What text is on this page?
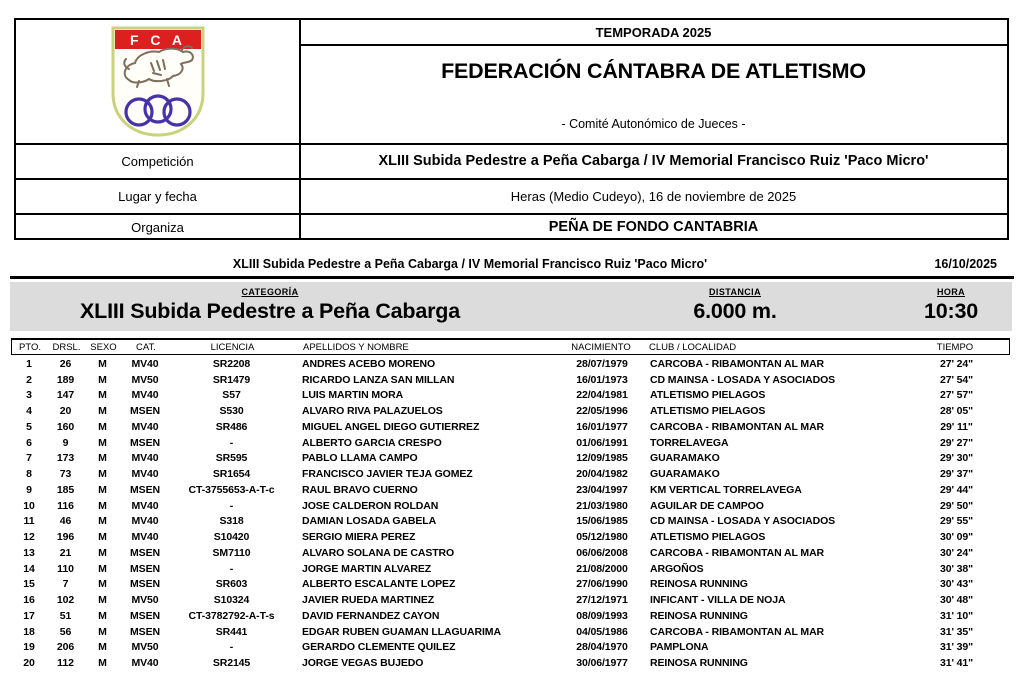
F C A	TEMPORADA 2025
FEDERACIÓN CÁNTABRA DE ATLETISMO
- Comité Autonómico de Jueces -
Competición	XLIII Subida Pedestre a Peña Cabarga / IV Memorial Francisco Ruiz 'Paco Micro'
Lugar y fecha	Heras (Medio Cudeyo), 16 de noviembre de 2025
Organiza	PEÑA DE FONDO CANTABRIA
XLIII Subida Pedestre a Peña Cabarga / IV Memorial Francisco Ruiz 'Paco Micro'	16/10/2025
CATEGORÍA
XLIII Subida Pedestre a Peña Cabarga
DISTANCIA
6.000 m.
HORA
10:30
PTO.	DRSL.	SEXO	CAT.	LICENCIA	APELLIDOS Y NOMBRE	NACIMIENTO	CLUB / LOCALIDAD	TIEMPO
1	26	M	MV40	SR2208	ANDRES ACEBO MORENO	28/07/1979	CARCOBA - RIBAMONTAN AL MAR	27' 24"
2	189	M	MV50	SR1479	RICARDO LANZA SAN MILLAN	16/01/1973	CD MAINSA - LOSADA Y ASOCIADOS	27' 54"
3	147	M	MV40	S57	LUIS MARTIN MORA	22/04/1981	ATLETISMO PIELAGOS	27' 57"
4	20	M	MSEN	S530	ALVARO RIVA PALAZUELOS	22/05/1996	ATLETISMO PIELAGOS	28' 05"
5	160	M	MV40	SR486	MIGUEL ANGEL DIEGO GUTIERREZ	16/01/1977	CARCOBA - RIBAMONTAN AL MAR	29' 11"
6	9	M	MSEN	-	ALBERTO GARCIA CRESPO	01/06/1991	TORRELAVEGA	29' 27"
7	173	M	MV40	SR595	PABLO LLAMA CAMPO	12/09/1985	GUARAMAKO	29' 30"
8	73	M	MV40	SR1654	FRANCISCO JAVIER TEJA GOMEZ	20/04/1982	GUARAMAKO	29' 37"
9	185	M	MSEN	CT-3755653-A-T-c	RAUL BRAVO CUERNO	23/04/1997	KM VERTICAL TORRELAVEGA	29' 44"
10	116	M	MV40	-	JOSE CALDERON ROLDAN	21/03/1980	AGUILAR DE CAMPOO	29' 50"
11	46	M	MV40	S318	DAMIAN LOSADA GABELA	15/06/1985	CD MAINSA - LOSADA Y ASOCIADOS	29' 55"
12	196	M	MV40	S10420	SERGIO MIERA PEREZ	05/12/1980	ATLETISMO PIELAGOS	30' 09"
13	21	M	MSEN	SM7110	ALVARO SOLANA DE CASTRO	06/06/2008	CARCOBA - RIBAMONTAN AL MAR	30' 24"
14	110	M	MSEN	-	JORGE MARTIN ALVAREZ	21/08/2000	ARGOÑOS	30' 38"
15	7	M	MSEN	SR603	ALBERTO ESCALANTE LOPEZ	27/06/1990	REINOSA RUNNING	30' 43"
16	102	M	MV50	S10324	JAVIER RUEDA MARTINEZ	27/12/1971	INFICANT - VILLA DE NOJA	30' 48"
17	51	M	MSEN	CT-3782792-A-T-s	DAVID FERNANDEZ CAYON	08/09/1993	REINOSA RUNNING	31' 10"
18	56	M	MSEN	SR441	EDGAR RUBEN GUAMAN LLAGUARIMA	04/05/1986	CARCOBA - RIBAMONTAN AL MAR	31' 35"
19	206	M	MV50	-	GERARDO CLEMENTE QUILEZ	28/04/1970	PAMPLONA	31' 39"
20	112	M	MV40	SR2145	JORGE VEGAS BUJEDO	30/06/1977	REINOSA RUNNING	31' 41"
